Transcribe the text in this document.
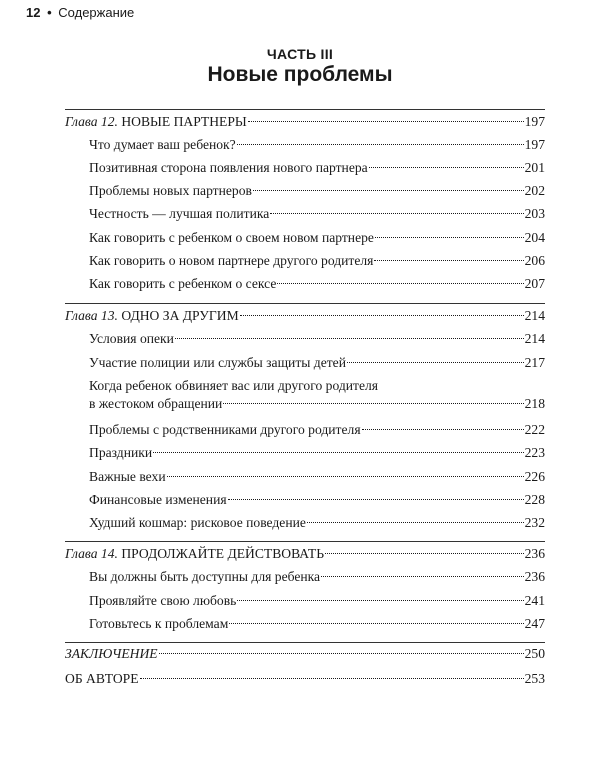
12 • Содержание
ЧАСТЬ III
Новые проблемы
Глава 12. НОВЫЕ ПАРТНЕРЫ	197
Что думает ваш ребенок?	197
Позитивная сторона появления нового партнера	201
Проблемы новых партнеров	202
Честность — лучшая политика	203
Как говорить с ребенком о своем новом партнере	204
Как говорить о новом партнере другого родителя	206
Как говорить с ребенком о сексе	207
Глава 13. ОДНО ЗА ДРУГИМ	214
Условия опеки	214
Участие полиции или службы защиты детей	217
Когда ребенок обвиняет вас или другого родителя
в жестоком обращении	218
Проблемы с родственниками другого родителя	222
Праздники	223
Важные вехи	226
Финансовые изменения	228
Худший кошмар: рисковое поведение	232
Глава 14. ПРОДОЛЖАЙТЕ ДЕЙСТВОВАТЬ	236
Вы должны быть доступны для ребенка	236
Проявляйте свою любовь	241
Готовьтесь к проблемам	247
ЗАКЛЮЧЕНИЕ	250
ОБ АВТОРЕ	253
